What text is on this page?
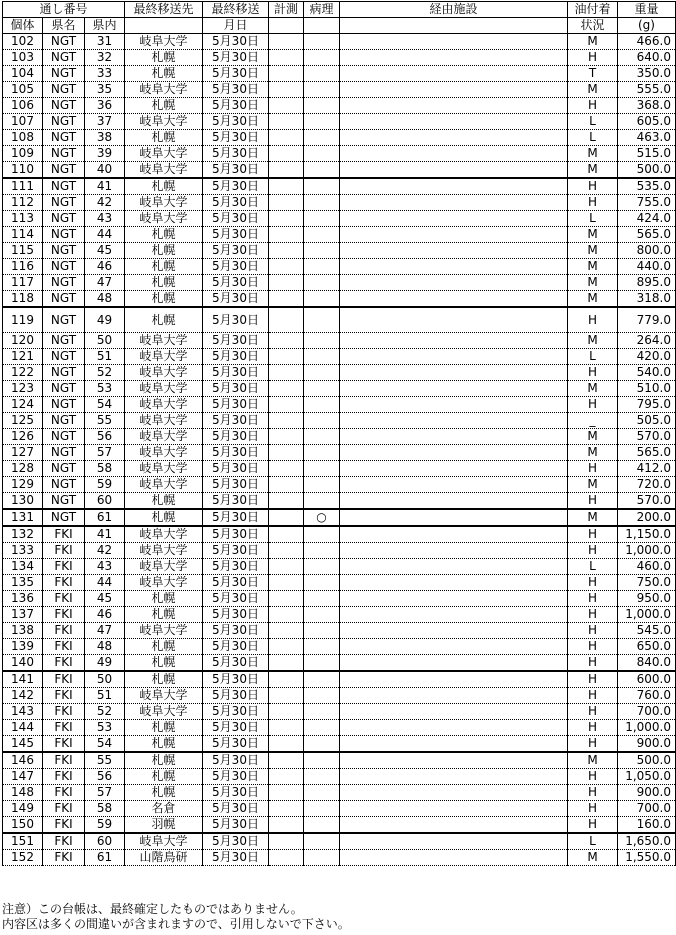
通し番号			最終移送先	最終移送	計測	病理	経由施設	油付着	重量
個体	県名	県内		月日				状況	(g)
102	NGT	31	岐阜大学	5月30日				M	466.0
103	NGT	32	札幌	5月30日				H	640.0
104	NGT	33	札幌	5月30日				T	350.0
105	NGT	35	岐阜大学	5月30日				M	555.0
106	NGT	36	札幌	5月30日				H	368.0
107	NGT	37	岐阜大学	5月30日				L	605.0
108	NGT	38	札幌	5月30日				L	463.0
109	NGT	39	岐阜大学	5月30日				M	515.0
110	NGT	40	岐阜大学	5月30日				M	500.0
111	NGT	41	札幌	5月30日				H	535.0
112	NGT	42	岐阜大学	5月30日				H	755.0
113	NGT	43	岐阜大学	5月30日				L	424.0
114	NGT	44	札幌	5月30日				M	565.0
115	NGT	45	札幌	5月30日				M	800.0
116	NGT	46	札幌	5月30日				M	440.0
117	NGT	47	札幌	5月30日				M	895.0
118	NGT	48	札幌	5月30日				M	318.0
119	NGT	49	札幌	5月30日				H	779.0
120	NGT	50	岐阜大学	5月30日				M	264.0
121	NGT	51	岐阜大学	5月30日				L	420.0
122	NGT	52	岐阜大学	5月30日				H	540.0
123	NGT	53	岐阜大学	5月30日				M	510.0
124	NGT	54	岐阜大学	5月30日				H	795.0
125	NGT	55	岐阜大学	5月30日				_	505.0
126	NGT	56	岐阜大学	5月30日				M	570.0
127	NGT	57	岐阜大学	5月30日				M	565.0
128	NGT	58	岐阜大学	5月30日				H	412.0
129	NGT	59	岐阜大学	5月30日				M	720.0
130	NGT	60	札幌	5月30日				H	570.0
131	NGT	61	札幌	5月30日		○		M	200.0
132	FKI	41	岐阜大学	5月30日				H	1,150.0
133	FKI	42	岐阜大学	5月30日				H	1,000.0
134	FKI	43	岐阜大学	5月30日				L	460.0
135	FKI	44	岐阜大学	5月30日				H	750.0
136	FKI	45	札幌	5月30日				H	950.0
137	FKI	46	札幌	5月30日				H	1,000.0
138	FKI	47	岐阜大学	5月30日				H	545.0
139	FKI	48	札幌	5月30日				H	650.0
140	FKI	49	札幌	5月30日				H	840.0
141	FKI	50	札幌	5月30日				H	600.0
142	FKI	51	岐阜大学	5月30日				H	760.0
143	FKI	52	岐阜大学	5月30日				H	700.0
144	FKI	53	札幌	5月30日				H	1,000.0
145	FKI	54	札幌	5月30日				H	900.0
146	FKI	55	札幌	5月30日				M	500.0
147	FKI	56	札幌	5月30日				H	1,050.0
148	FKI	57	札幌	5月30日				H	900.0
149	FKI	58	名倉	5月30日				H	700.0
150	FKI	59	羽幌	5月30日				H	160.0
151	FKI	60	岐阜大学	5月30日				L	1,650.0
152	FKI	61	山階鳥研	5月30日				M	1,550.0
注意）この台帳は、最終確定したものではありません。
内容区は多くの間違いが含まれますので、引用しないで下さい。
